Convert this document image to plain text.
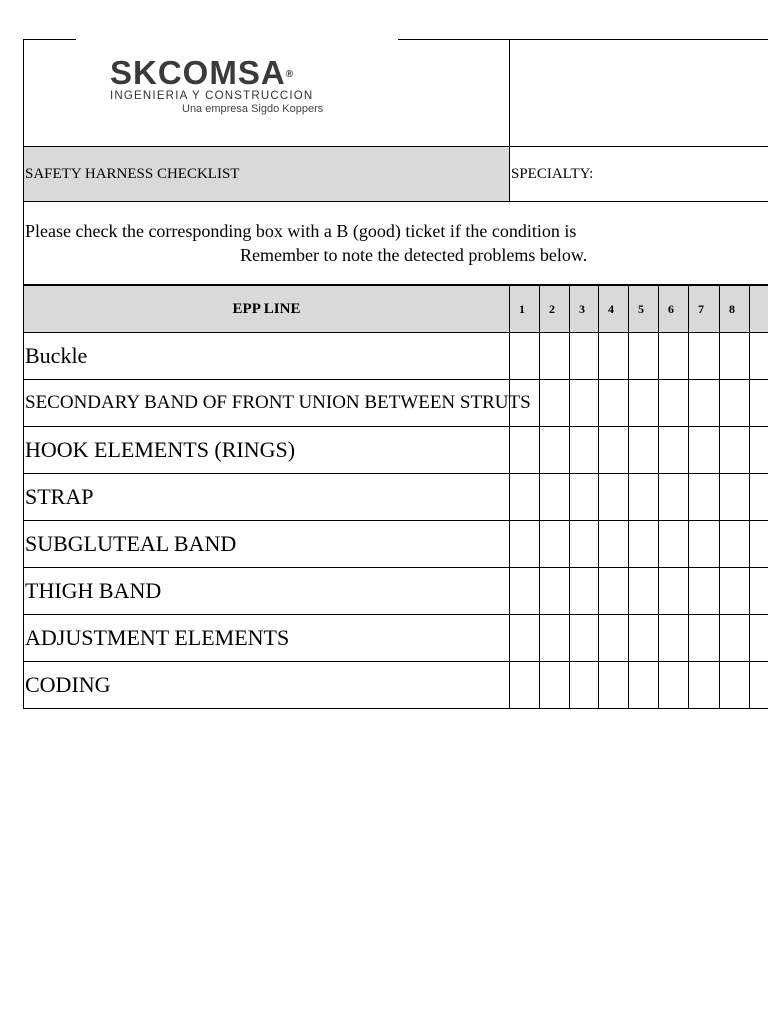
SKCOMSA®
INGENIERIA Y CONSTRUCCION
Una empresa Sigdo Koppers									

SAFETY HARNESS CHECKLIST	SPECIALTY:								

Please check the corresponding box with a B (good) ticket if the condition is
Remember to note the detected problems below.									

EPP LINE	1	2	3	4	5	6	7	8	
Buckle									
SECONDARY BAND OF FRONT UNION BETWEEN STRUTS									
HOOK ELEMENTS (RINGS)									
STRAP									
SUBGLUTEAL BAND									
THIGH BAND									
ADJUSTMENT ELEMENTS									
CODING									
